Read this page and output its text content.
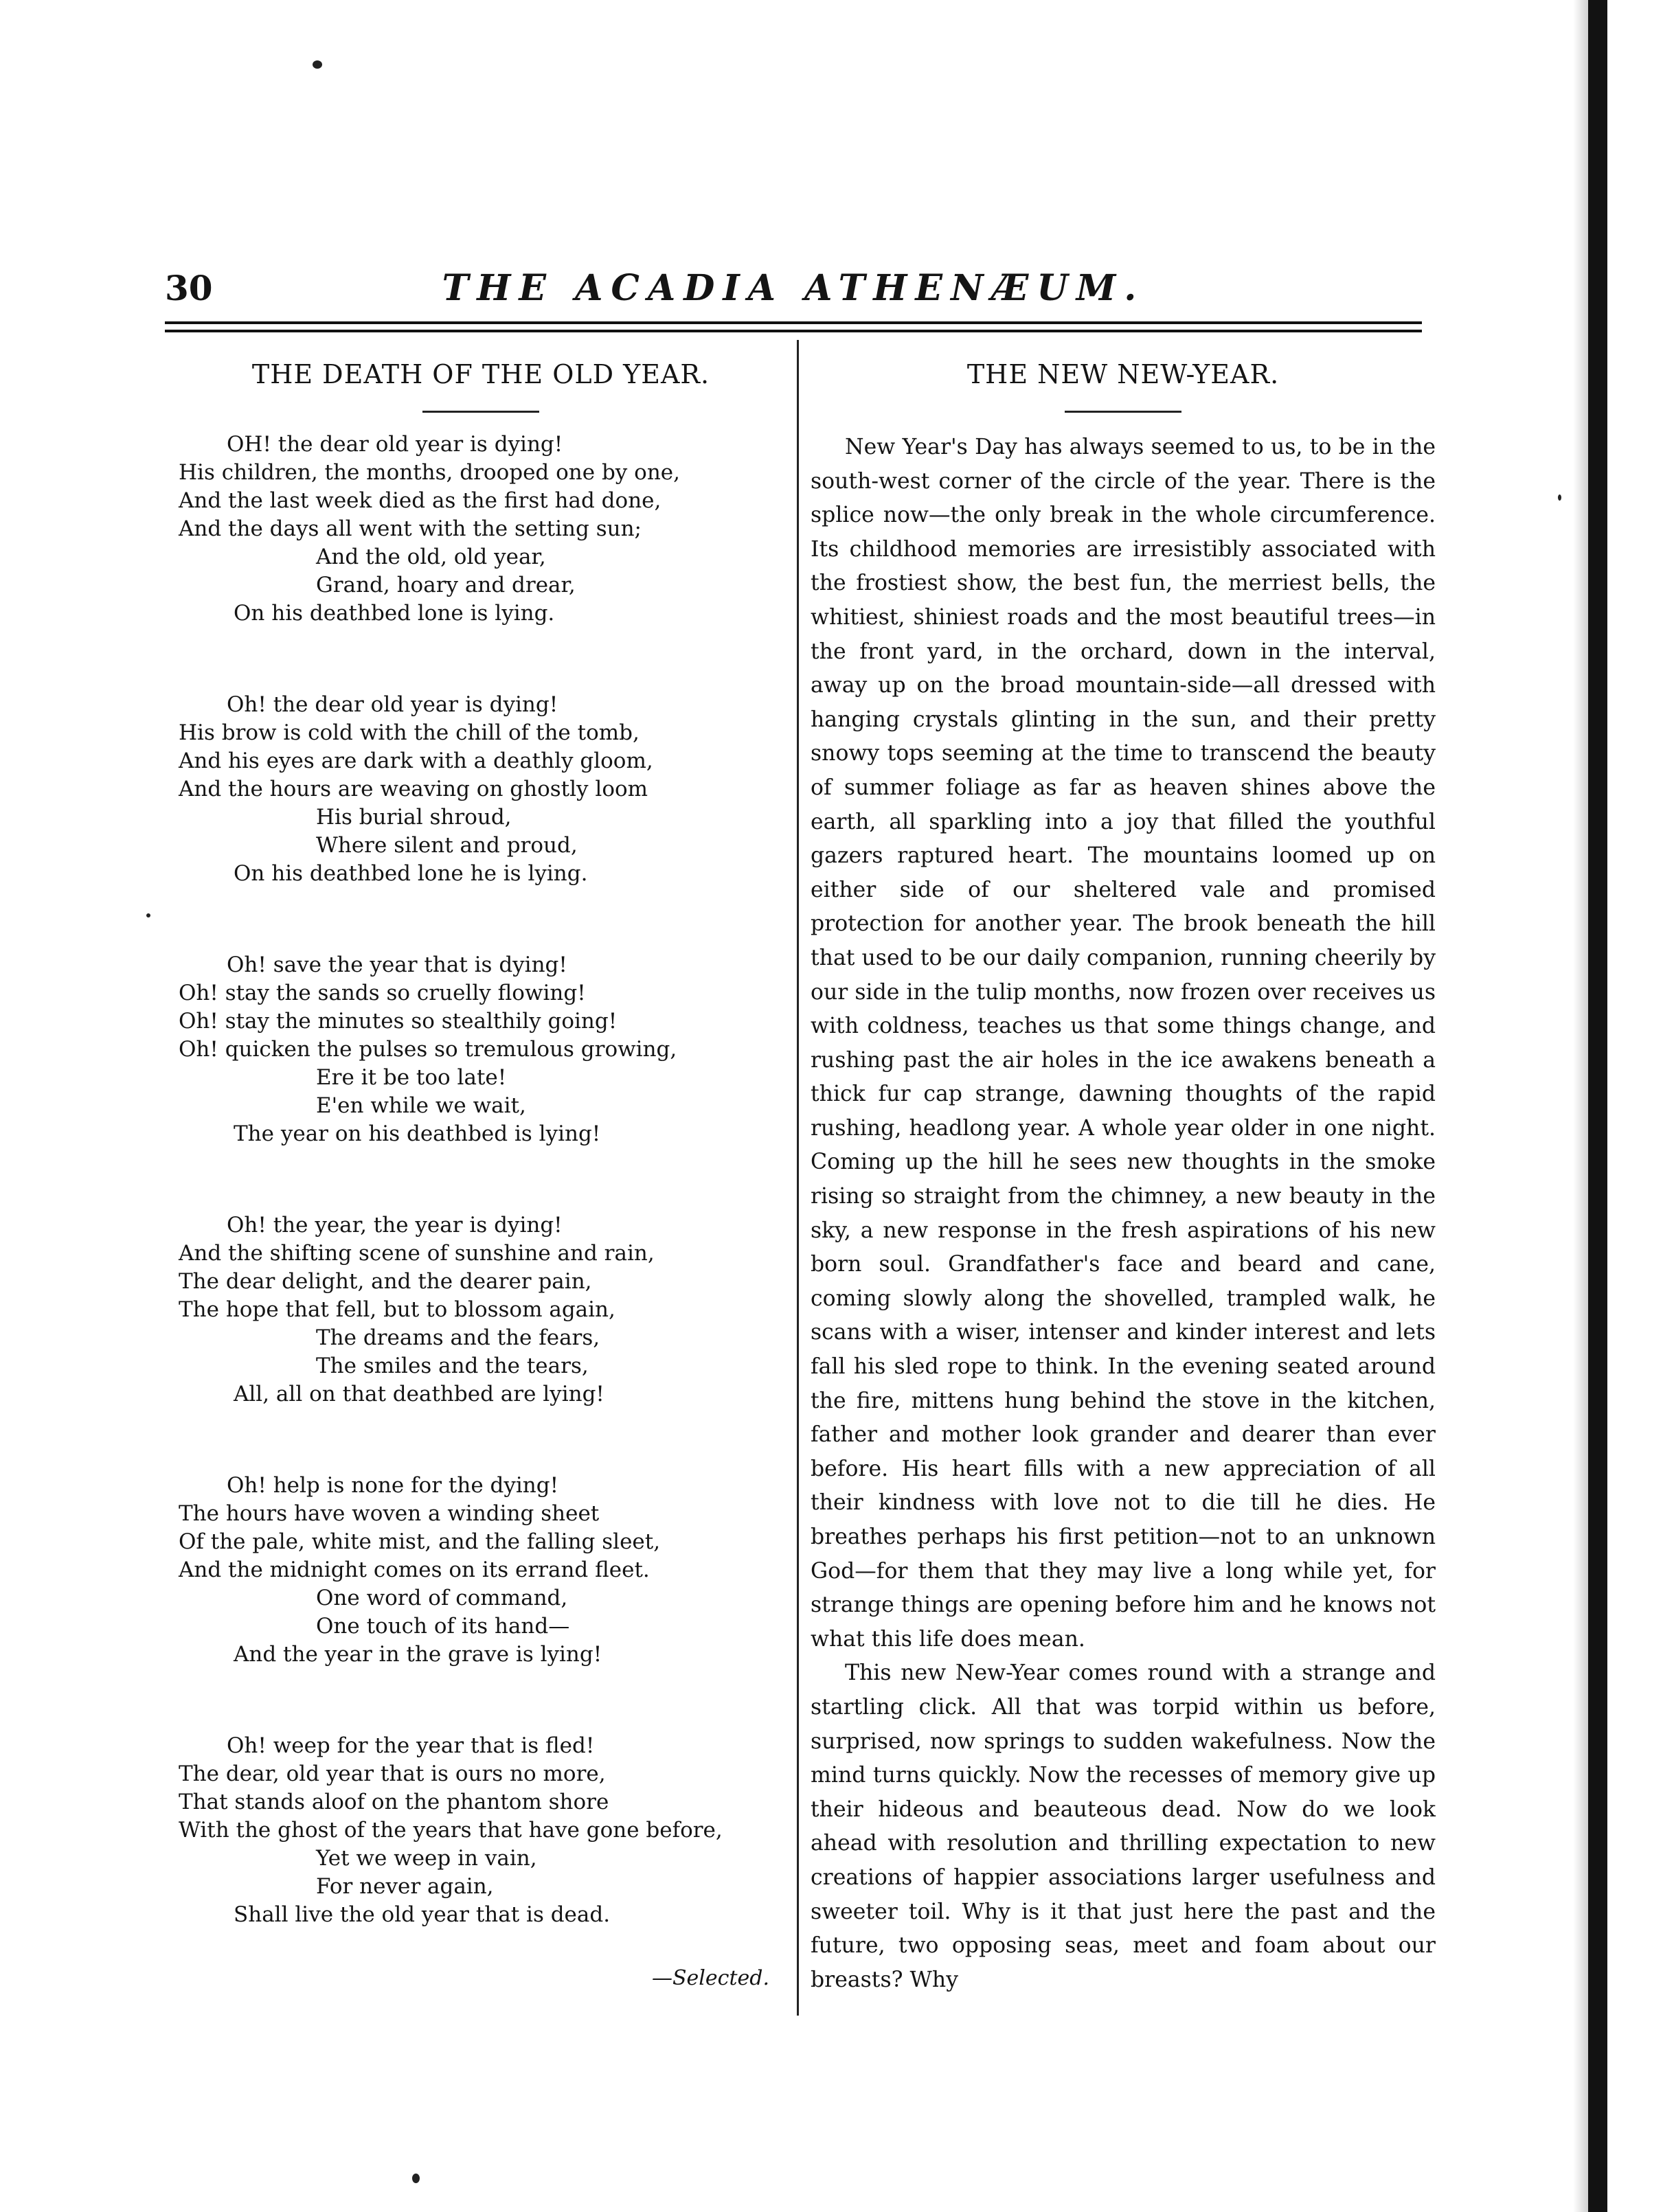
30	THE ACADIA ATHENÆUM.
THE DEATH OF THE OLD YEAR.
OH! the dear old year is dying!
His children, the months, drooped one by one,
And the last week died as the first had done,
And the days all went with the setting sun;
And the old, old year,
Grand, hoary and drear,
On his deathbed lone is lying.
Oh! the dear old year is dying!
His brow is cold with the chill of the tomb,
And his eyes are dark with a deathly gloom,
And the hours are weaving on ghostly loom
His burial shroud,
Where silent and proud,
On his deathbed lone he is lying.
Oh! save the year that is dying!
Oh! stay the sands so cruelly flowing!
Oh! stay the minutes so stealthily going!
Oh! quicken the pulses so tremulous growing,
Ere it be too late!
E'en while we wait,
The year on his deathbed is lying!
Oh! the year, the year is dying!
And the shifting scene of sunshine and rain,
The dear delight, and the dearer pain,
The hope that fell, but to blossom again,
The dreams and the fears,
The smiles and the tears,
All, all on that deathbed are lying!
Oh! help is none for the dying!
The hours have woven a winding sheet
Of the pale, white mist, and the falling sleet,
And the midnight comes on its errand fleet.
One word of command,
One touch of its hand—
And the year in the grave is lying!
Oh! weep for the year that is fled!
The dear, old year that is ours no more,
That stands aloof on the phantom shore
With the ghost of the years that have gone before,
Yet we weep in vain,
For never again,
Shall live the old year that is dead.
—Selected.
THE NEW NEW-YEAR.

New Year's Day has always seemed to us, to be in the south-west corner of the circle of the year. There is the splice now—the only break in the whole circumference. Its childhood memories are irresistibly associated with the frostiest show, the best fun, the merriest bells, the whitiest, shiniest roads and the most beautiful trees—in the front yard, in the orchard, down in the interval, away up on the broad mountain-side—all dressed with hanging crystals glinting in the sun, and their pretty snowy tops seeming at the time to transcend the beauty of summer foliage as far as heaven shines above the earth, all sparkling into a joy that filled the youthful gazers raptured heart. The mountains loomed up on either side of our sheltered vale and promised protection for another year. The brook beneath the hill that used to be our daily companion, running cheerily by our side in the tulip months, now frozen over receives us with coldness, teaches us that some things change, and rushing past the air holes in the ice awakens beneath a thick fur cap strange, dawning thoughts of the rapid rushing, headlong year. A whole year older in one night. Coming up the hill he sees new thoughts in the smoke rising so straight from the chimney, a new beauty in the sky, a new response in the fresh aspirations of his new born soul. Grandfather's face and beard and cane, coming slowly along the shovelled, trampled walk, he scans with a wiser, intenser and kinder interest and lets fall his sled rope to think. In the evening seated around the fire, mittens hung behind the stove in the kitchen, father and mother look grander and dearer than ever before. His heart fills with a new appreciation of all their kindness with love not to die till he dies. He breathes perhaps his first petition—not to an unknown God—for them that they may live a long while yet, for strange things are opening before him and he knows not what this life does mean.

This new New-Year comes round with a strange and startling click. All that was torpid within us before, surprised, now springs to sudden wakefulness. Now the mind turns quickly. Now the recesses of memory give up their hideous and beauteous dead. Now do we look ahead with resolution and thrilling expectation to new creations of happier associations larger usefulness and sweeter toil. Why is it that just here the past and the future, two opposing seas, meet and foam about our breasts? Why
